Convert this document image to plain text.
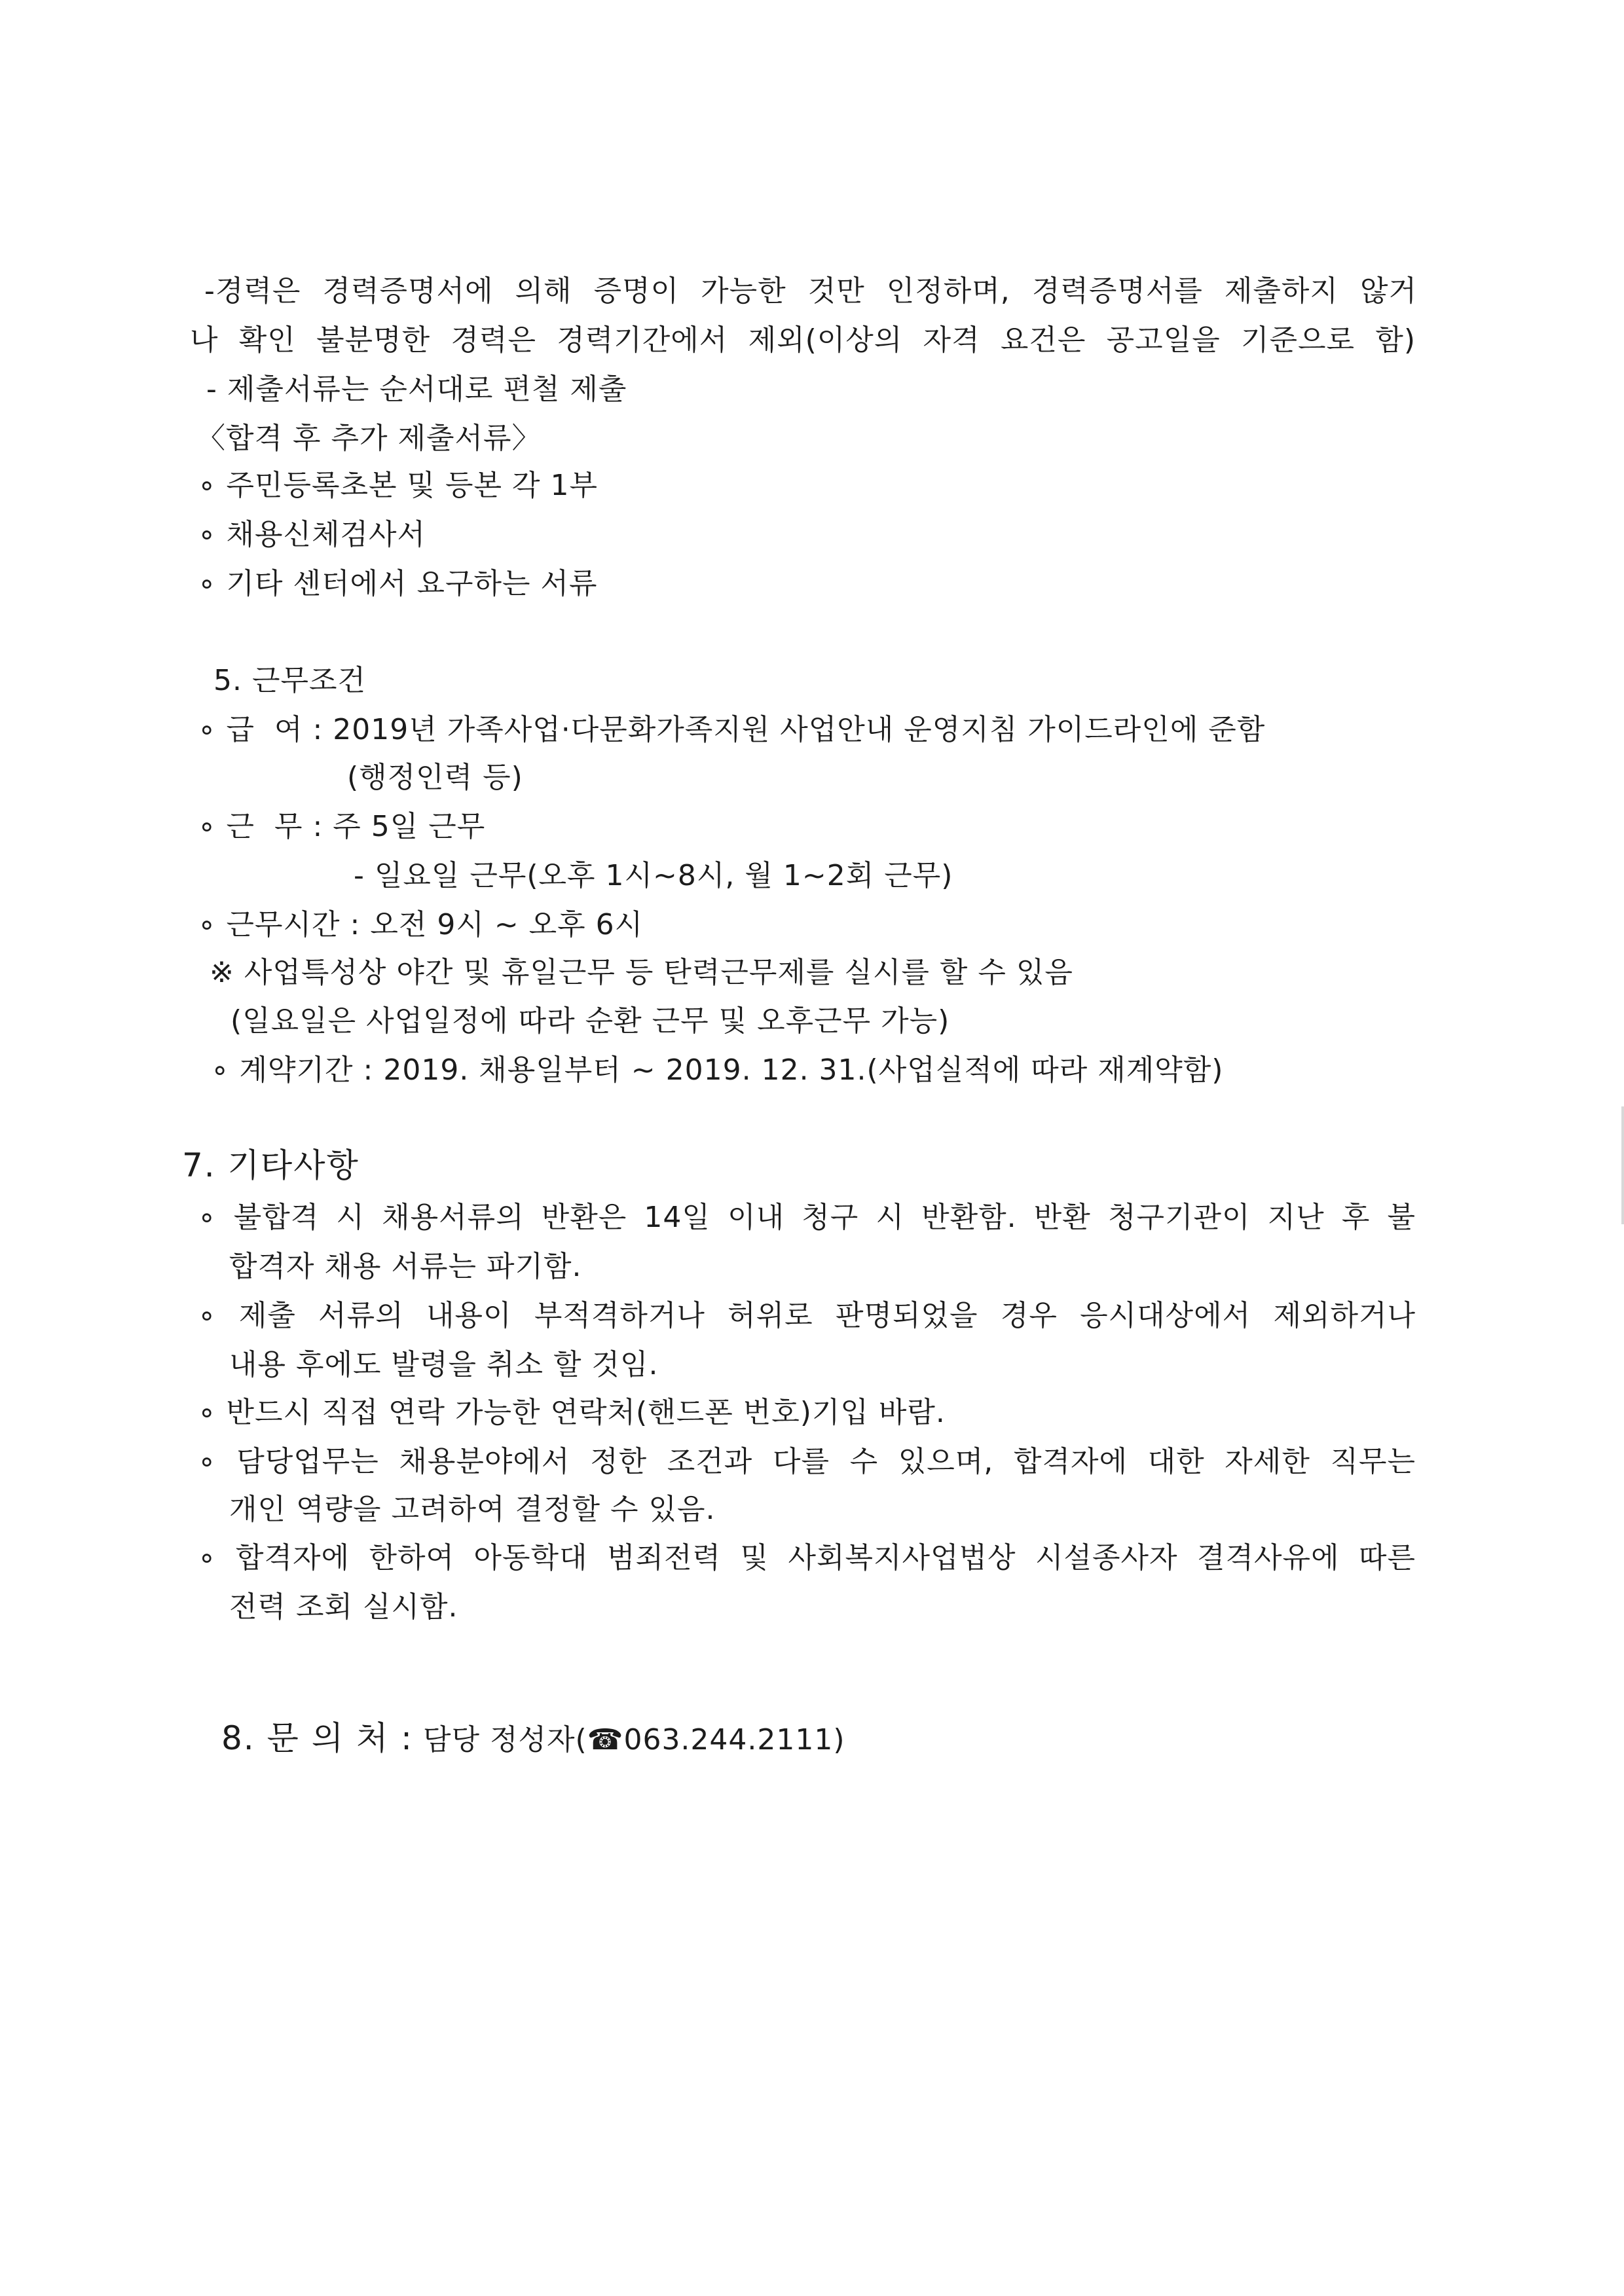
-경력은 경력증명서에 의해 증명이 가능한 것만 인정하며, 경력증명서를 제출하지 않거
나 확인 불분명한 경력은 경력기간에서 제외(이상의 자격 요건은 공고일을 기준으로 함)
- 제출서류는 순서대로 편철 제출
〈합격 후 추가 제출서류〉
∘ 주민등록초본 및 등본 각 1부
∘ 채용신체검사서
∘ 기타 센터에서 요구하는 서류
5. 근무조건
∘ 급  여 : 2019년 가족사업·다문화가족지원 사업안내 운영지침 가이드라인에 준함
(행정인력 등)
∘ 근  무 : 주 5일 근무
- 일요일 근무(오후 1시~8시, 월 1~2회 근무)
∘ 근무시간 : 오전 9시 ~ 오후 6시
※ 사업특성상 야간 및 휴일근무 등 탄력근무제를 실시를 할 수 있음
(일요일은 사업일정에 따라 순환 근무 및 오후근무 가능)
∘ 계약기간 : 2019. 채용일부터 ~ 2019. 12. 31.(사업실적에 따라 재계약함)
7. 기타사항
∘ 불합격 시 채용서류의 반환은 14일 이내 청구 시 반환함. 반환 청구기관이 지난 후 불
합격자 채용 서류는 파기함.
∘ 제출 서류의 내용이 부적격하거나 허위로 판명되었을 경우 응시대상에서 제외하거나
내용 후에도 발령을 취소 할 것임.
∘ 반드시 직접 연락 가능한 연락처(핸드폰 번호)기입 바람.
∘ 담당업무는 채용분야에서 정한 조건과 다를 수 있으며, 합격자에 대한 자세한 직무는
개인 역량을 고려하여 결정할 수 있음.
∘ 합격자에 한하여 아동학대 범죄전력 및 사회복지사업법상 시설종사자 결격사유에 따른
전력 조회 실시함.

8. 문 의 처 : 담당 정성자(☎063.244.2111)
